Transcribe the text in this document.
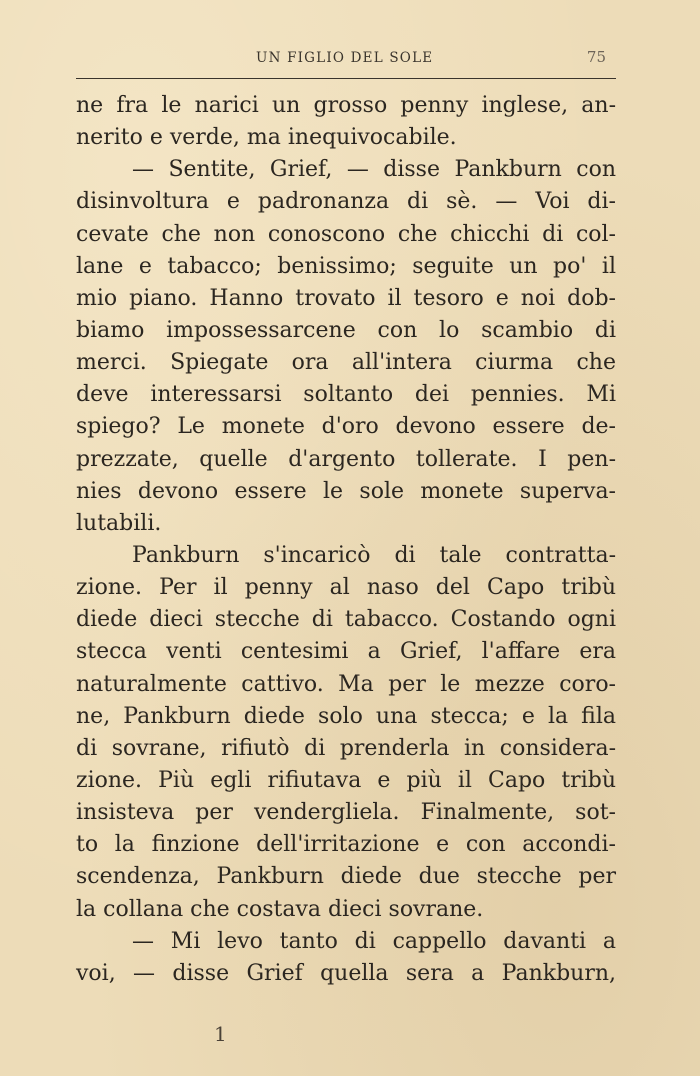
UN FIGLIO DEL SOLE	75
ne fra le narici un grosso penny inglese, an-
nerito e verde, ma inequivocabile.
— Sentite, Grief, — disse Pankburn con
disinvoltura e padronanza di sè. — Voi di-
cevate che non conoscono che chicchi di col-
lane e tabacco; benissimo; seguite un po' il
mio piano. Hanno trovato il tesoro e noi dob-
biamo impossessarcene con lo scambio di
merci. Spiegate ora all'intera ciurma che
deve interessarsi soltanto dei pennies. Mi
spiego? Le monete d'oro devono essere de-
prezzate, quelle d'argento tollerate. I pen-
nies devono essere le sole monete superva-
lutabili.
Pankburn s'incaricò di tale contratta-
zione. Per il penny al naso del Capo tribù
diede dieci stecche di tabacco. Costando ogni
stecca venti centesimi a Grief, l'affare era
naturalmente cattivo. Ma per le mezze coro-
ne, Pankburn diede solo una stecca; e la fila
di sovrane, rifiutò di prenderla in considera-
zione. Più egli rifiutava e più il Capo tribù
insisteva per vendergliela. Finalmente, sot-
to la finzione dell'irritazione e con accondi-
scendenza, Pankburn diede due stecche per
la collana che costava dieci sovrane.
— Mi levo tanto di cappello davanti a
voi, — disse Grief quella sera a Pankburn,
1
